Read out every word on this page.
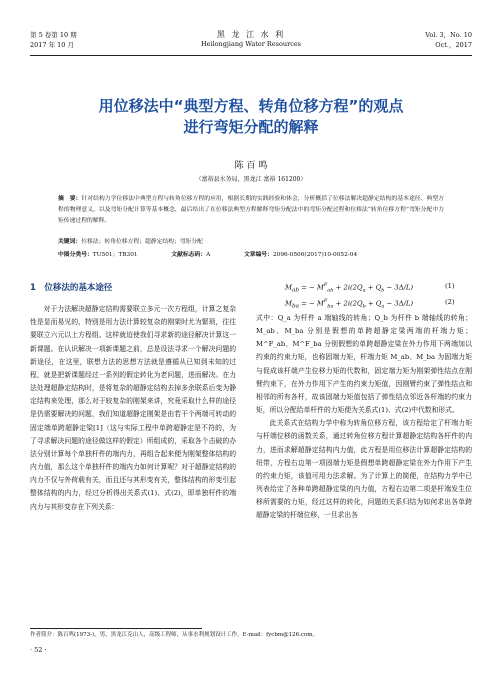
第 5 卷第 10 期
2017 年 10 月
黑 龙 江 水 利
Heilongjiang Water Resources
Vol. 3，No. 10
Oct.，2017
用位移法中“典型方程、转角位移方程”的观点
进行弯矩分配的解释
陈 百 鸣
（富裕县水务局，黑龙江 富裕 161200）
摘　要：针对结构力学位移法中典型方程与转角位移方程的应用，根据长期的实践经验和体会，分析概括了位移法解决超静定结构的基本途径、典型方程的物理意义，以及弯矩分配计算等基本概念，最后给出了在位移法典型方程解释弯矩分配法中的弯矩分配过程和位移法“转角位移方程”弯矩分配中力矩传递过程的解释。
关键词：位移法；转角位移方程；超静定结构；弯矩分配
中图分类号：TU501；TB301	文献标志码：A	文章编号：2096-0506(2017)10-0052-04
1　位移法的基本途径

对于力法解决超静定结构需要联立多元一次方程组，计算之复杂性是显而易见的，特别是用力法计算较复杂的刚架时尤为繁琐，往往要联立六元以上方程组。这样就迫使我们寻求新的途径解决计算这一新课题。在认识解决一项新课题之前，总是设法寻求一个解决问题的新途径，在这里，联想力法的思想方法就是遵循从已知到未知的过程，就是把新课题经过一系列的假定转化为老问题，进而解决。在力法处理超静定结构时，是将复杂的超静定结构去掉多余联系后变为静定结构来处理，那么对于较复杂的刚架来讲，究竟采取什么样的途径是仍需要解决的问题，我们知道超静定刚架是由若干个两端可转动的固定端单跨超静定梁[1]（这与实际工程中单跨超静定是不符的，为了寻求解决问题的途径做这样的假定）所组成的，采取各个击破的办法分别计算每个单独杆件的端内力，再组合起来便为刚架整体结构的内力值，那么这个单独杆件的端内力如何计算呢？对于超静定结构的内力不仅与外荷载有关，而且还与其形变有关，整体结构的形变引起整体结构的内力，经过分析得出关系式(1)、式(2)，即单独杆件的端内力与其形变存在下列关系：

$M_{ab}$ = − $M^F_{ab} + 2i(2Q_a + Q_b - 3\Delta/L)$	(1)
$M_{ba}$ = − $M^F_{ba} + 2i(2Q_b + Q_a - 3\Delta/L)$	(2)

式中：Q_a 为杆件 a 端轴线的转角；Q_b 为杆件 b 端轴线的转角；M_ab、M_ba 分别是假想的单跨超静定梁两端的杆端力矩；M^F_ab、M^F_ba 分别假想的单跨超静定梁在外力作用下两端加以约束的约束力矩，也称固端力矩，杆端力矩 M_ab、M_ba 为固端力矩与促成该杆端产生位移力矩的代数和，固定端力矩为刚架弹性结点在刚臂约束下，在外力作用下产生的约束力矩值，因刚臂约束了弹性结点和相邻的所有各杆，故该固端力矩值包括了弹性结点邻近各杆端的约束力矩，所以分配给单杆件的力矩便为关系式(1)、式(2)中代数和形式。

此关系式在结构力学中称为转角位移方程，该方程给定了杆端力矩与杆端位移的函数关系，通过转角位移方程计算超静定结构各杆件的内力，进而求解超静定结构内力值，此方程是用位移法计算超静定结构的纽带，方程右边第一项固端力矩是假想单跨超静定梁在外力作用下产生的约束力矩，该值可用力法求解。为了计算上的简便，在结构力学中已列表给定了各种单跨超静定梁的内力值，方程右边第二项是杆端发生位移所需要的力矩，经过这样的转化，问题的关系归结为如何求出各单跨超静定梁的杆端位移，一旦求出各

作者简介：陈百鸣(1973-)，男，黑龙江克山人，高级工程师，从事水利规划设计工作。E-mail：fycbm@126.com。
· 52 ·
